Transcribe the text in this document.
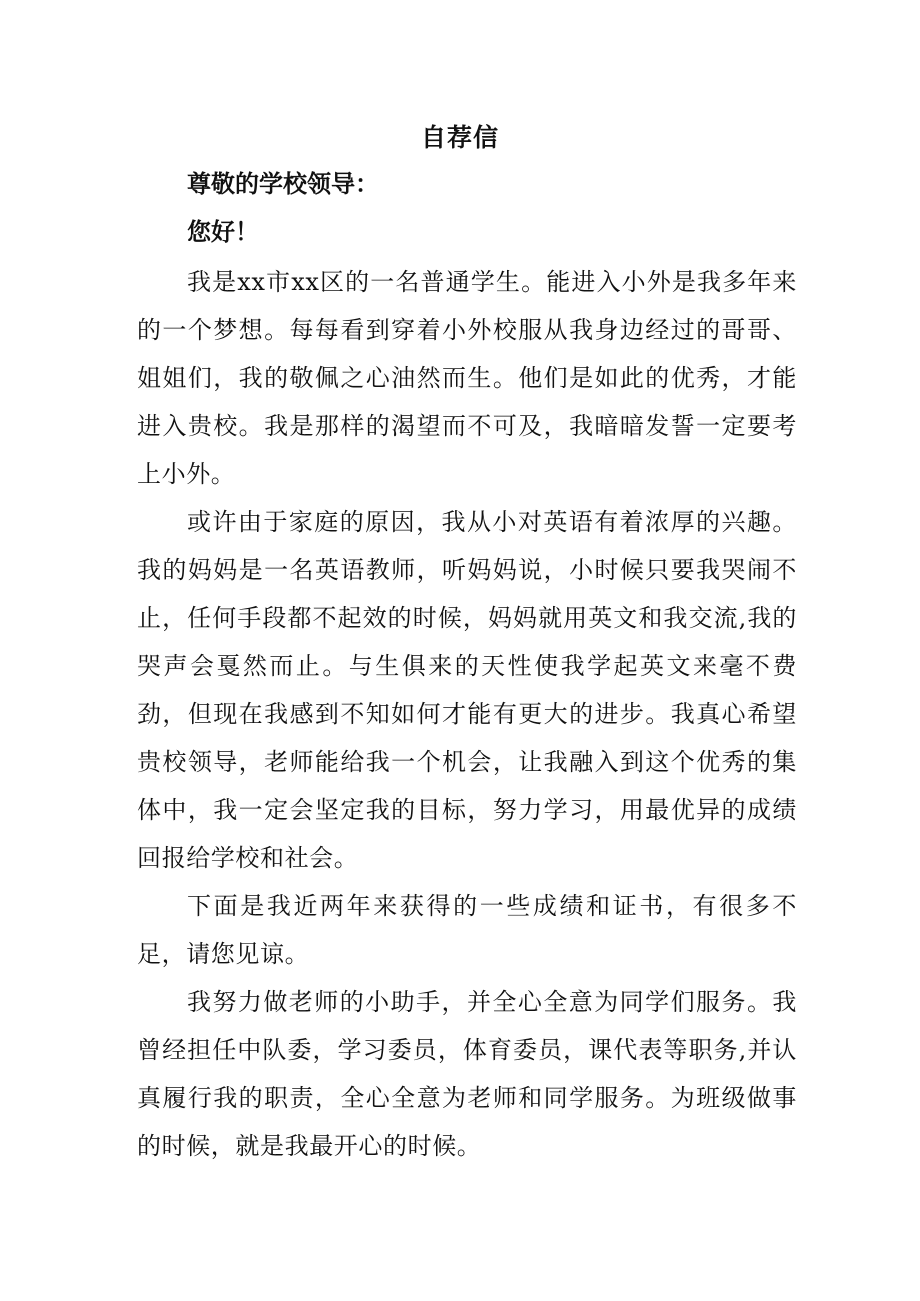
自荐信
尊敬的学校领导：
您好！

我是xx市xx区的一名普通学生。能进入小外是我多年来的一个梦想。每每看到穿着小外校服从我身边经过的哥哥、姐姐们，我的敬佩之心油然而生。他们是如此的优秀，才能进入贵校。我是那样的渴望而不可及，我暗暗发誓一定要考上小外。

或许由于家庭的原因，我从小对英语有着浓厚的兴趣。我的妈妈是一名英语教师，听妈妈说，小时候只要我哭闹不止，任何手段都不起效的时候，妈妈就用英文和我交流,我的哭声会戛然而止。与生俱来的天性使我学起英文来毫不费劲，但现在我感到不知如何才能有更大的进步。我真心希望贵校领导，老师能给我一个机会，让我融入到这个优秀的集体中，我一定会坚定我的目标，努力学习，用最优异的成绩回报给学校和社会。

下面是我近两年来获得的一些成绩和证书，有很多不足，请您见谅。

我努力做老师的小助手，并全心全意为同学们服务。我曾经担任中队委，学习委员，体育委员，课代表等职务,并认真履行我的职责，全心全意为老师和同学服务。为班级做事的时候，就是我最开心的时候。
